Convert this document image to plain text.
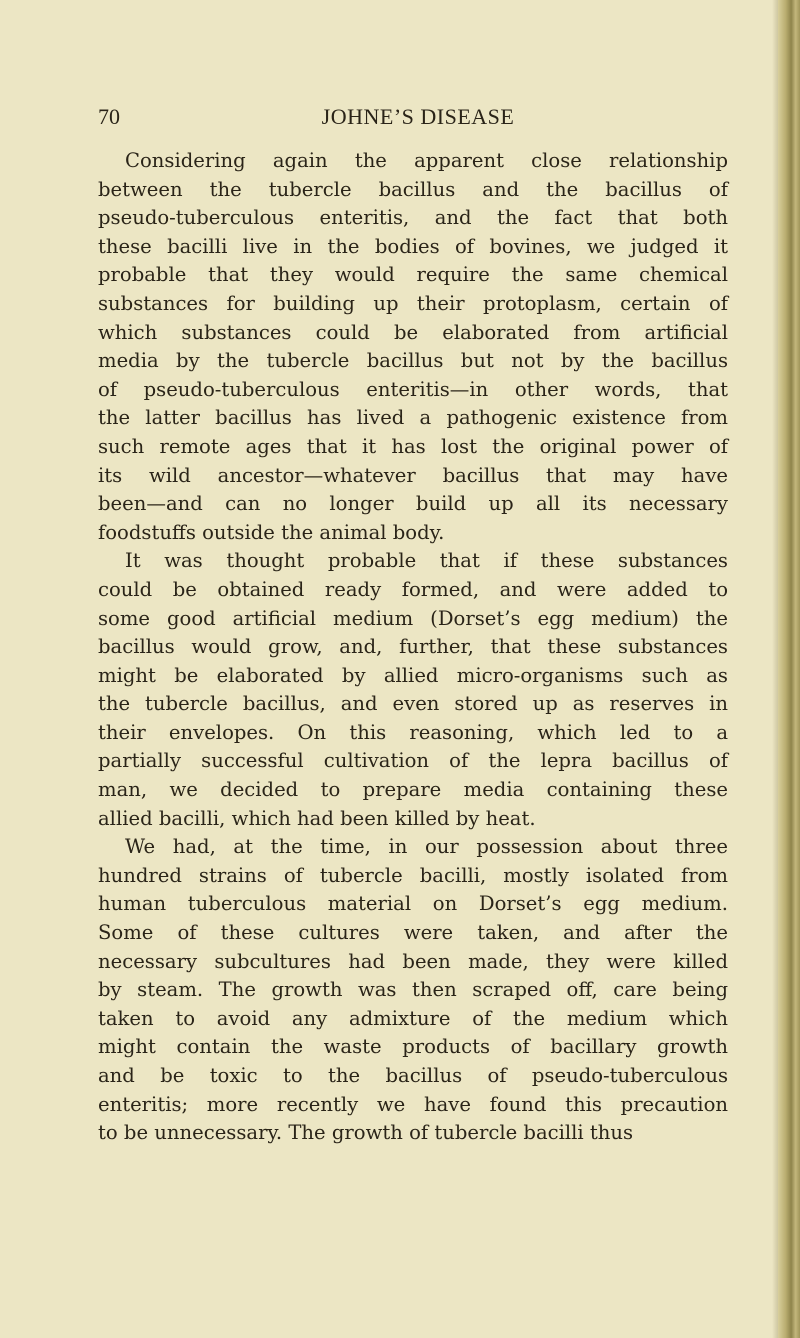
70	JOHNE’S DISEASE
Considering again the apparent close relationship
between the tubercle bacillus and the bacillus of
pseudo-tuberculous enteritis, and the fact that both
these bacilli live in the bodies of bovines, we judged it
probable that they would require the same chemical
substances for building up their protoplasm, certain of
which substances could be elaborated from artificial
media by the tubercle bacillus but not by the bacillus
of pseudo-tuberculous enteritis—in other words, that
the latter bacillus has lived a pathogenic existence from
such remote ages that it has lost the original power of
its wild ancestor—whatever bacillus that may have
been—and can no longer build up all its necessary
foodstuffs outside the animal body.
It was thought probable that if these substances
could be obtained ready formed, and were added to
some good artificial medium (Dorset’s egg medium) the
bacillus would grow, and, further, that these substances
might be elaborated by allied micro-organisms such as
the tubercle bacillus, and even stored up as reserves in
their envelopes. On this reasoning, which led to a
partially successful cultivation of the lepra bacillus of
man, we decided to prepare media containing these
allied bacilli, which had been killed by heat.
We had, at the time, in our possession about three
hundred strains of tubercle bacilli, mostly isolated from
human tuberculous material on Dorset’s egg medium.
Some of these cultures were taken, and after the
necessary subcultures had been made, they were killed
by steam. The growth was then scraped off, care being
taken to avoid any admixture of the medium which
might contain the waste products of bacillary growth
and be toxic to the bacillus of pseudo-tuberculous
enteritis; more recently we have found this precaution
to be unnecessary. The growth of tubercle bacilli thus
